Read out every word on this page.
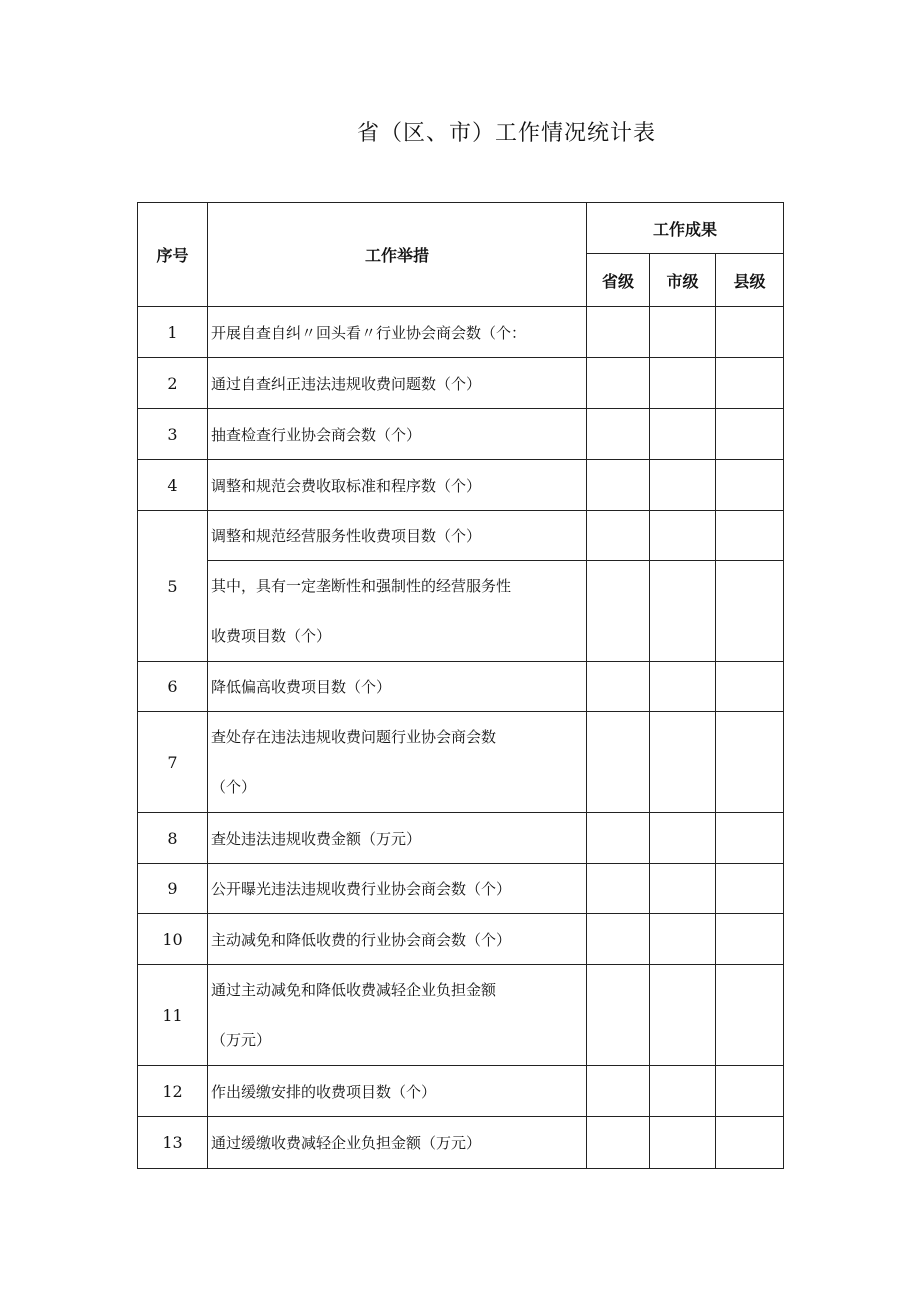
省（区、市）工作情况统计表
序号	工作举措	工作成果		
		省级	市级	县级
1	开展自查自纠〃回头看〃行业协会商会数（个：			
2	通过自查纠正违法违规收费问题数（个）			
3	抽查检查行业协会商会数（个）			
4	调整和规范会费收取标准和程序数（个）			
5	调整和规范经营服务性收费项目数（个）			

	其中，具有一定垄断性和强制性的经营服务性
收费项目数（个）			

6	降低偏高收费项目数（个）			
7	查处存在违法违规收费问题行业协会商会数
（个）			

8	查处违法违规收费金额（万元）			
9	公开曝光违法违规收费行业协会商会数（个）			
10	主动减免和降低收费的行业协会商会数（个）			
11	通过主动减免和降低收费减轻企业负担金额
（万元）			

12	作出缓缴安排的收费项目数（个）			
13	通过缓缴收费减轻企业负担金额（万元）			
